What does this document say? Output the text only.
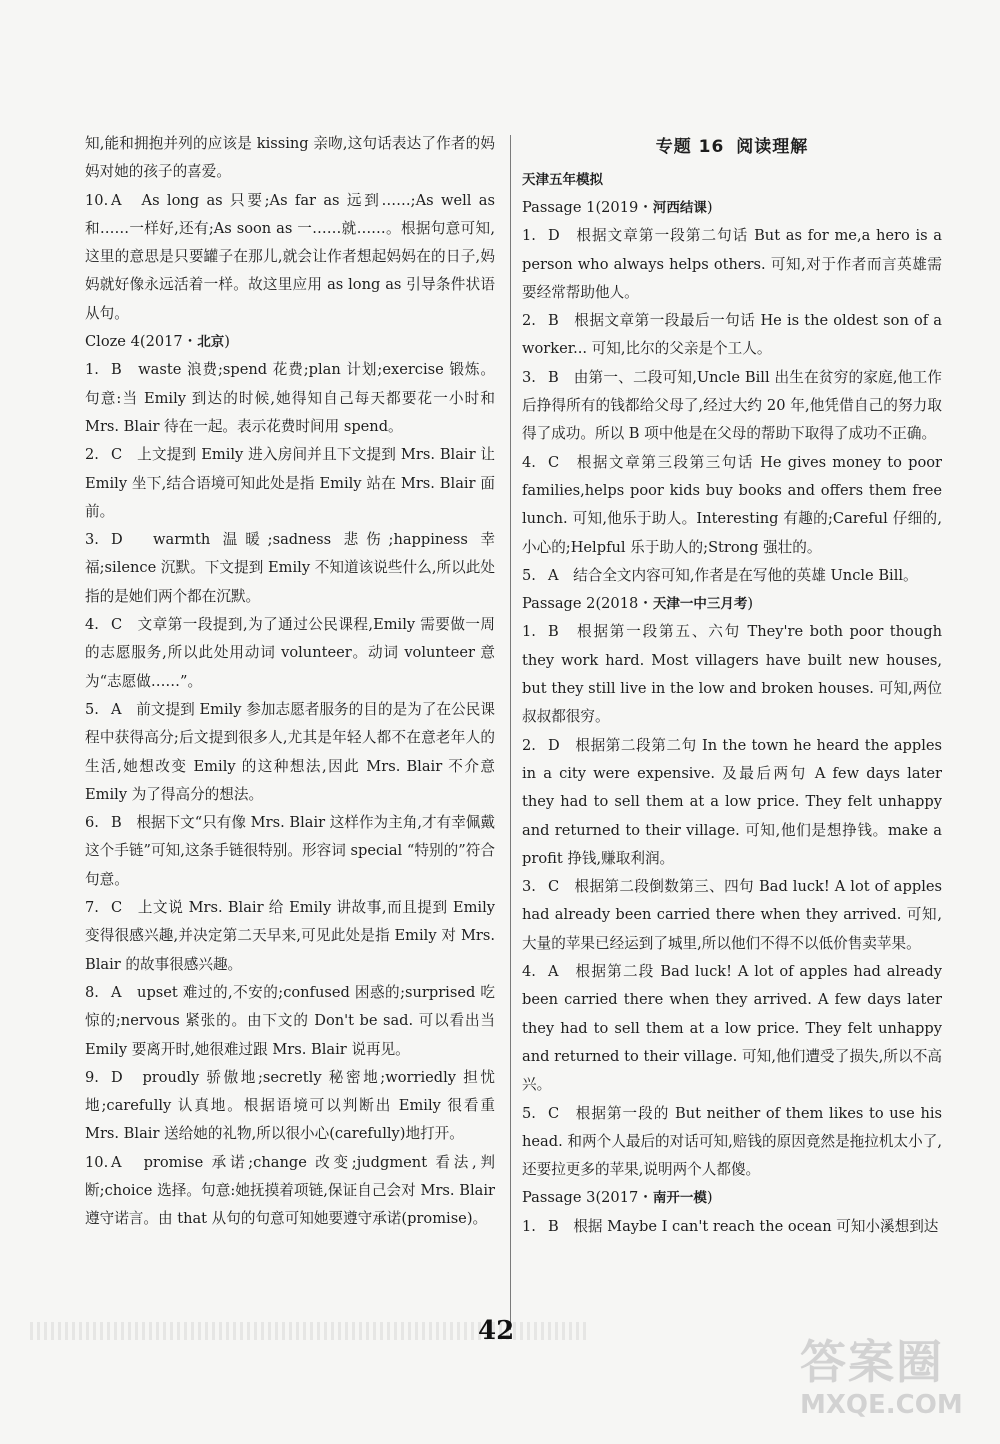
知,能和拥抱并列的应该是 kissing 亲吻,这句话表达了作者的妈妈对她的孩子的喜爱。

10. A　As long as 只要;As far as 远到……;As well as 和……一样好,还有;As soon as 一……就……。根据句意可知,这里的意思是只要罐子在那儿,就会让作者想起妈妈在的日子,妈妈就好像永远活着一样。故这里应用 as long as 引导条件状语从句。

Cloze 4(2017・北京)

1. B　waste 浪费;spend 花费;plan 计划;exercise 锻炼。句意:当 Emily 到达的时候,她得知自己每天都要花一小时和 Mrs. Blair 待在一起。表示花费时间用 spend。

2. C　上文提到 Emily 进入房间并且下文提到 Mrs. Blair 让 Emily 坐下,结合语境可知此处是指 Emily 站在 Mrs. Blair 面前。

3. D　warmth 温暖;sadness 悲伤;happiness 幸福;silence 沉默。下文提到 Emily 不知道该说些什么,所以此处指的是她们两个都在沉默。

4. C　文章第一段提到,为了通过公民课程,Emily 需要做一周的志愿服务,所以此处用动词 volunteer。动词 volunteer 意为“志愿做……”。

5. A　前文提到 Emily 参加志愿者服务的目的是为了在公民课程中获得高分;后文提到很多人,尤其是年轻人都不在意老年人的生活,她想改变 Emily 的这种想法,因此 Mrs. Blair 不介意 Emily 为了得高分的想法。

6. B　根据下文“只有像 Mrs. Blair 这样作为主角,才有幸佩戴这个手链”可知,这条手链很特别。形容词 special “特别的”符合句意。

7. C　上文说 Mrs. Blair 给 Emily 讲故事,而且提到 Emily 变得很感兴趣,并决定第二天早来,可见此处是指 Emily 对 Mrs. Blair 的故事很感兴趣。

8. A　upset 难过的,不安的;confused 困惑的;surprised 吃惊的;nervous 紧张的。由下文的 Don't be sad. 可以看出当 Emily 要离开时,她很难过跟 Mrs. Blair 说再见。

9. D　proudly 骄傲地;secretly 秘密地;worriedly 担忧地;carefully 认真地。根据语境可以判断出 Emily 很看重 Mrs. Blair 送给她的礼物,所以很小心(carefully)地打开。

10. A　promise 承诺;change 改变;judgment 看法,判断;choice 选择。句意:她抚摸着项链,保证自己会对 Mrs. Blair 遵守诺言。由 that 从句的句意可知她要遵守承诺(promise)。

专题 16 阅读理解

天津五年模拟

Passage 1(2019・河西结课)

1. D　根据文章第一段第二句话 But as for me,a hero is a person who always helps others. 可知,对于作者而言英雄需要经常帮助他人。

2. B　根据文章第一段最后一句话 He is the oldest son of a worker... 可知,比尔的父亲是个工人。

3. B　由第一、二段可知,Uncle Bill 出生在贫穷的家庭,他工作后挣得所有的钱都给父母了,经过大约 20 年,他凭借自己的努力取得了成功。所以 B 项中他是在父母的帮助下取得了成功不正确。

4. C　根据文章第三段第三句话 He gives money to poor families,helps poor kids buy books and offers them free lunch. 可知,他乐于助人。Interesting 有趣的;Careful 仔细的,小心的;Helpful 乐于助人的;Strong 强壮的。

5. A　结合全文内容可知,作者是在写他的英雄 Uncle Bill。

Passage 2(2018・天津一中三月考)

1. B　根据第一段第五、六句 They're both poor though they work hard. Most villagers have built new houses, but they still live in the low and broken houses. 可知,两位叔叔都很穷。

2. D　根据第二段第二句 In the town he heard the apples in a city were expensive. 及最后两句 A few days later they had to sell them at a low price. They felt unhappy and returned to their village. 可知,他们是想挣钱。make a profit 挣钱,赚取利润。

3. C　根据第二段倒数第三、四句 Bad luck! A lot of apples had already been carried there when they arrived. 可知,大量的苹果已经运到了城里,所以他们不得不以低价售卖苹果。

4. A　根据第二段 Bad luck! A lot of apples had already been carried there when they arrived. A few days later they had to sell them at a low price. They felt unhappy and returned to their village. 可知,他们遭受了损失,所以不高兴。

5. C　根据第一段的 But neither of them likes to use his head. 和两个人最后的对话可知,赔钱的原因竟然是拖拉机太小了,还要拉更多的苹果,说明两个人都傻。

Passage 3(2017・南开一模)

1. B　根据 Maybe I can't reach the ocean 可知小溪想到达

42
答案圈
MXQE.COM
